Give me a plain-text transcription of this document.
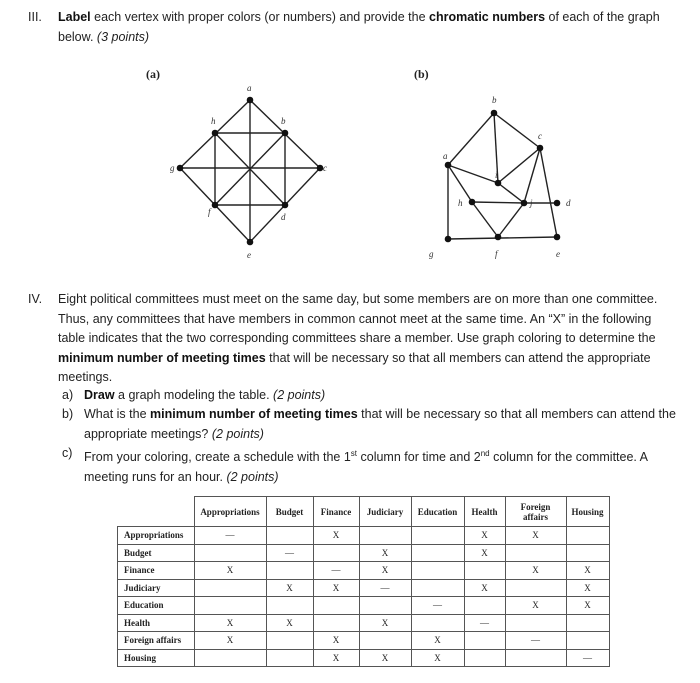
III. Label each vertex with proper colors (or numbers) and provide the chromatic numbers of each of the graph
below. (3 points)
(a)
a
b
c
d
e
f
g
h
(b)
a
b
c
d
e
f
g
h
i
j
IV. Eight political committees must meet on the same day, but some members are on more than one committee.
Thus, any committees that have members in common cannot meet at the same time. An “X” in the following
table indicates that the two corresponding committees share a member. Use graph coloring to determine the
minimum number of meeting times that will be necessary so that all members can attend the appropriate
meetings.
a) Draw a graph modeling the table. (2 points)
b) What is the minimum number of meeting times that will be necessary so that all members can attend the
appropriate meetings? (2 points)
c) From your coloring, create a schedule with the 1st column for time and 2nd column for the committee. A
meeting runs for an hour. (2 points)
	Appropriations	Budget	Finance	Judiciary	Education	Health	Foreign affairs	Housing
Appropriations	—		X			X	X	
Budget		—		X		X		
Finance	X		—	X			X	X
Judiciary		X	X	—		X		X
Education					—		X	X
Health	X	X		X		—		
Foreign affairs	X		X		X		—	
Housing			X	X	X			—
